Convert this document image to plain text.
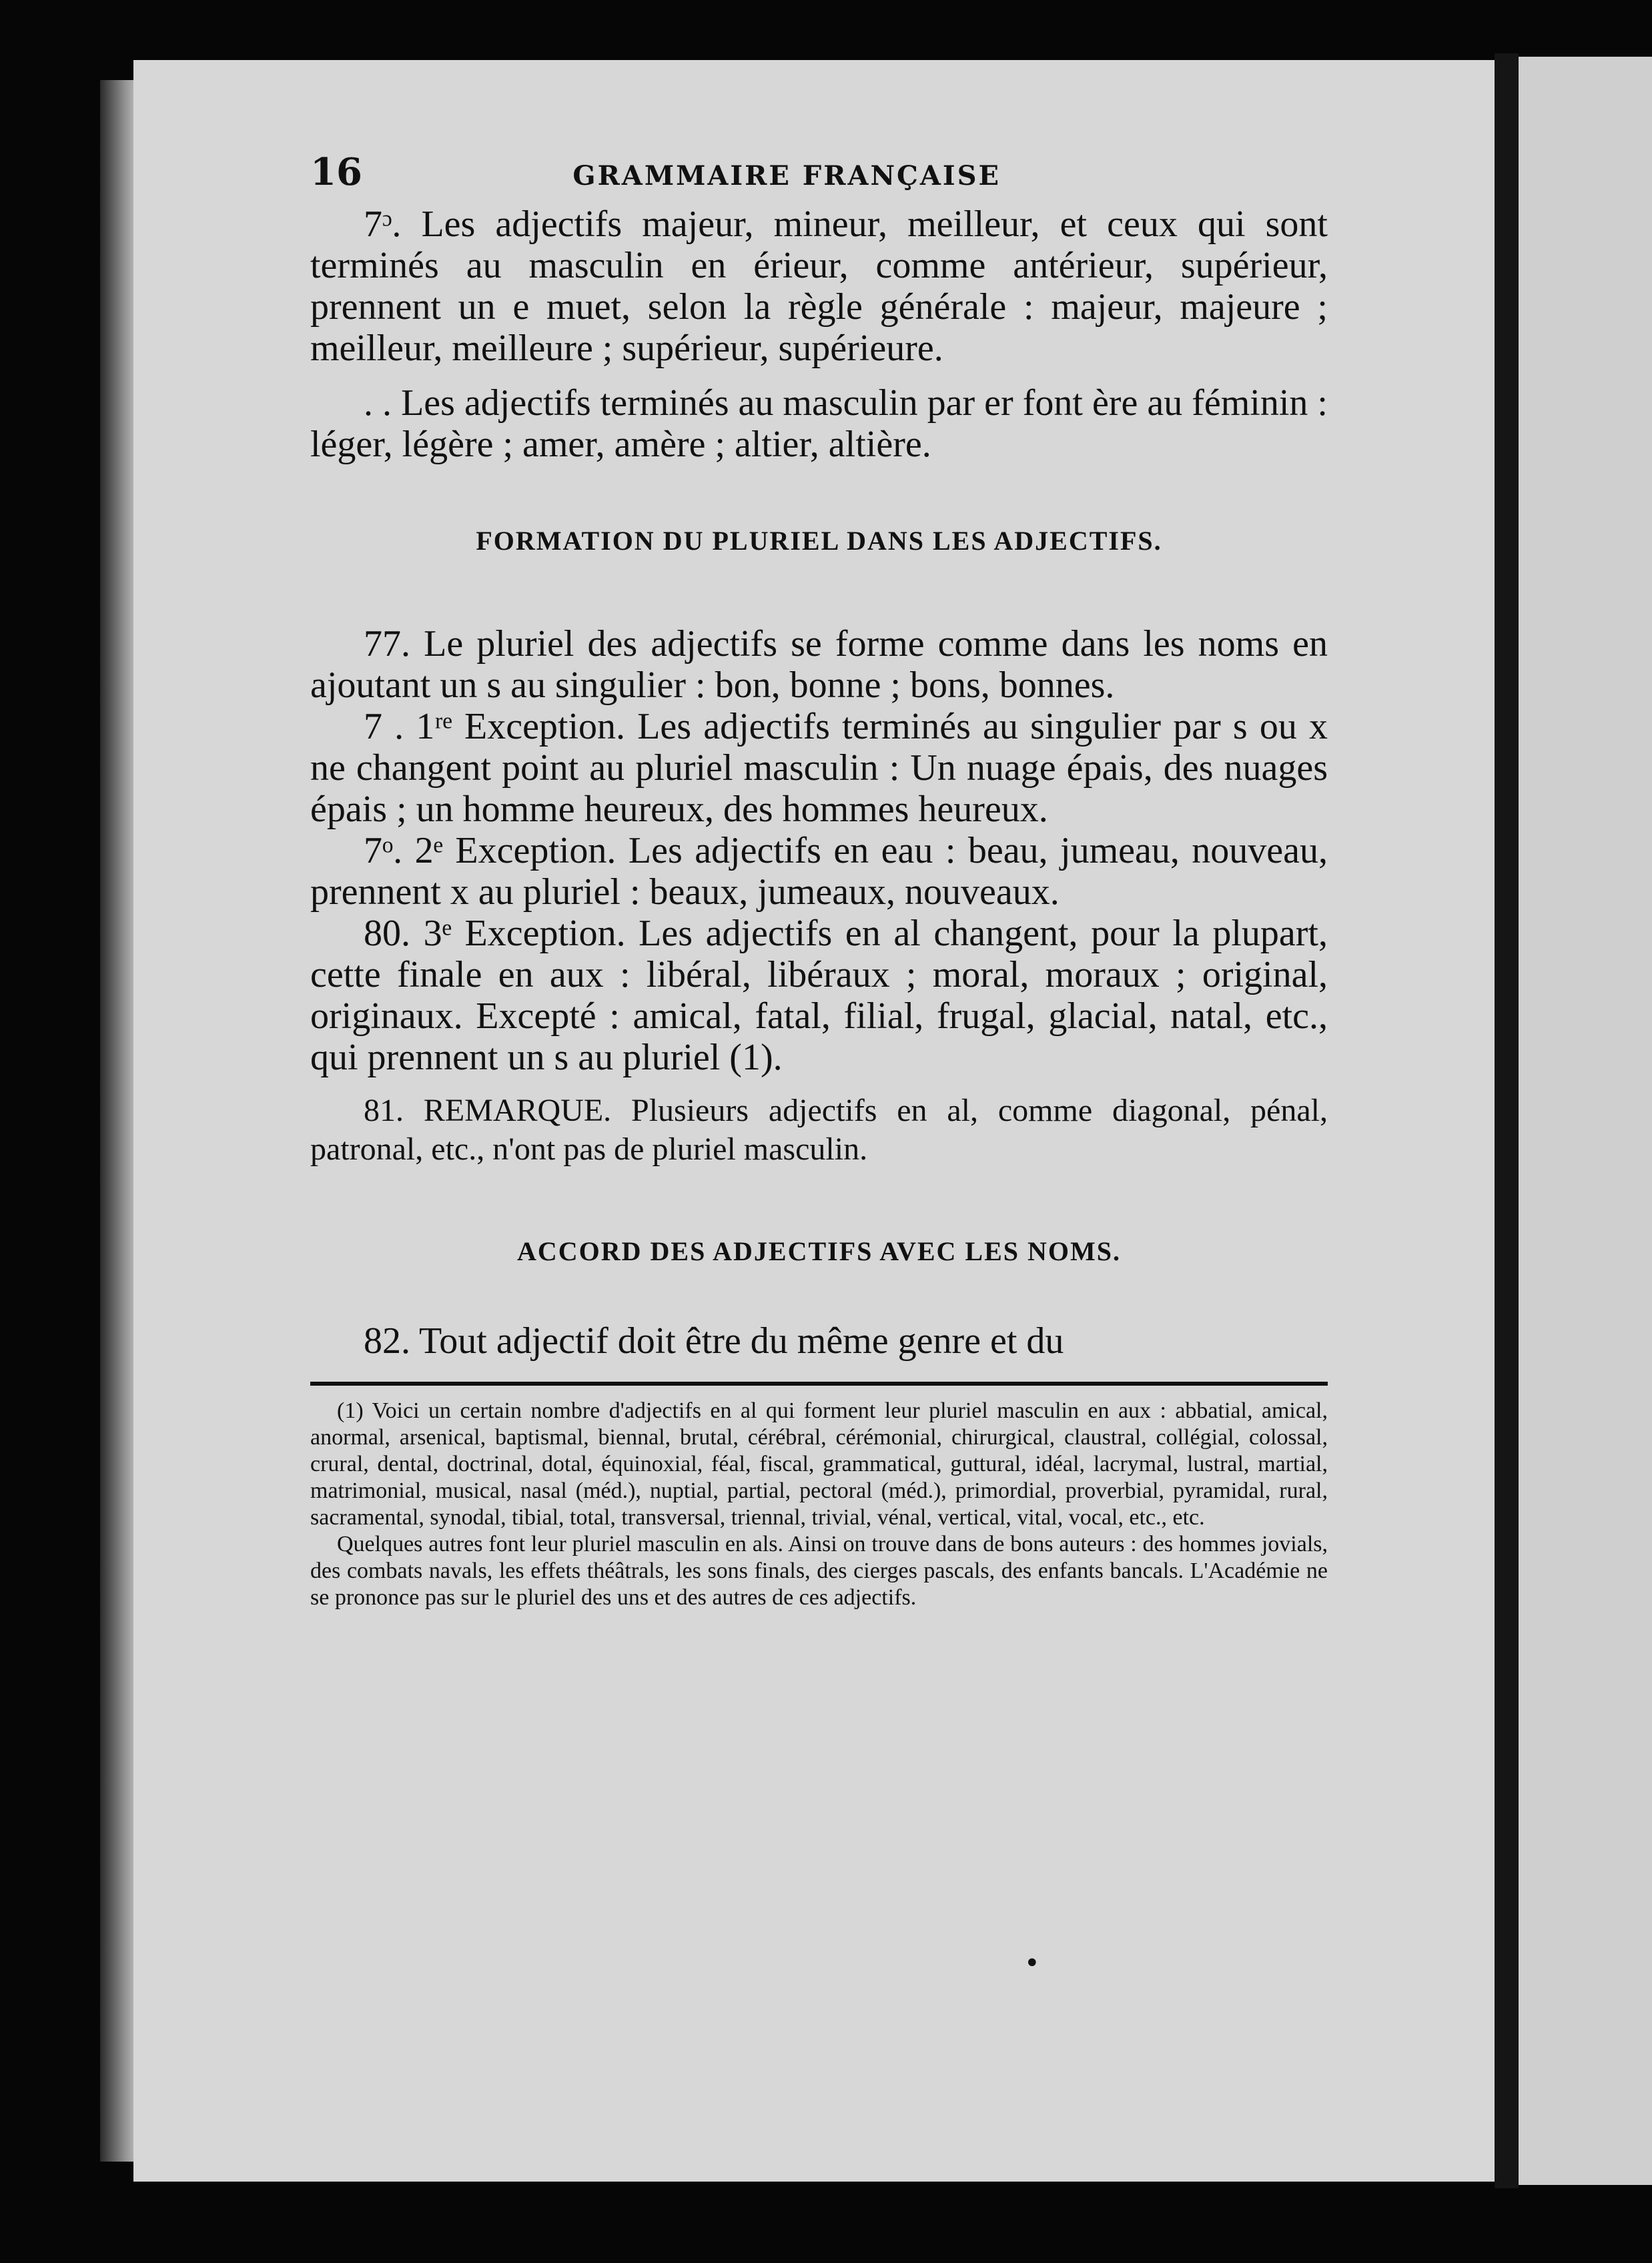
16	GRAMMAIRE FRANÇAISE

7ᵓ. Les adjectifs majeur, mineur, meilleur, et ceux qui sont terminés au masculin en érieur, comme antérieur, supérieur, prennent un e muet, selon la règle générale : majeur, majeure ; meilleur, meilleure ; supérieur, supérieure.

. . Les adjectifs terminés au masculin par er font ère au féminin : léger, légère ; amer, amère ; altier, altière.

FORMATION DU PLURIEL DANS LES ADJECTIFS.

77. Le pluriel des adjectifs se forme comme dans les noms en ajoutant un s au singulier : bon, bonne ; bons, bonnes.

7 . 1ʳᵉ Exception. Les adjectifs terminés au singulier par s ou x ne changent point au pluriel masculin : Un nuage épais, des nuages épais ; un homme heureux, des hommes heureux.

7ᵒ. 2ᵉ Exception. Les adjectifs en eau : beau, jumeau, nouveau, prennent x au pluriel : beaux, jumeaux, nouveaux.

80. 3ᵉ Exception. Les adjectifs en al changent, pour la plupart, cette finale en aux : libéral, libéraux ; moral, moraux ; original, originaux. Excepté : amical, fatal, filial, frugal, glacial, natal, etc., qui prennent un s au pluriel (1).

81. REMARQUE. Plusieurs adjectifs en al, comme diagonal, pénal, patronal, etc., n'ont pas de pluriel masculin.

ACCORD DES ADJECTIFS AVEC LES NOMS.

82. Tout adjectif doit être du même genre et du

(1) Voici un certain nombre d'adjectifs en al qui forment leur pluriel masculin en aux : abbatial, amical, anormal, arsenical, baptismal, biennal, brutal, cérébral, cérémonial, chirurgical, claustral, collégial, colossal, crural, dental, doctrinal, dotal, équinoxial, féal, fiscal, grammatical, guttural, idéal, lacrymal, lustral, martial, matrimonial, musical, nasal (méd.), nuptial, partial, pectoral (méd.), primordial, proverbial, pyramidal, rural, sacramental, synodal, tibial, total, transversal, triennal, trivial, vénal, vertical, vital, vocal, etc., etc.

Quelques autres font leur pluriel masculin en als. Ainsi on trouve dans de bons auteurs : des hommes jovials, des combats navals, les effets théâtrals, les sons finals, des cierges pascals, des enfants bancals. L'Académie ne se prononce pas sur le pluriel des uns et des autres de ces adjectifs.

•
